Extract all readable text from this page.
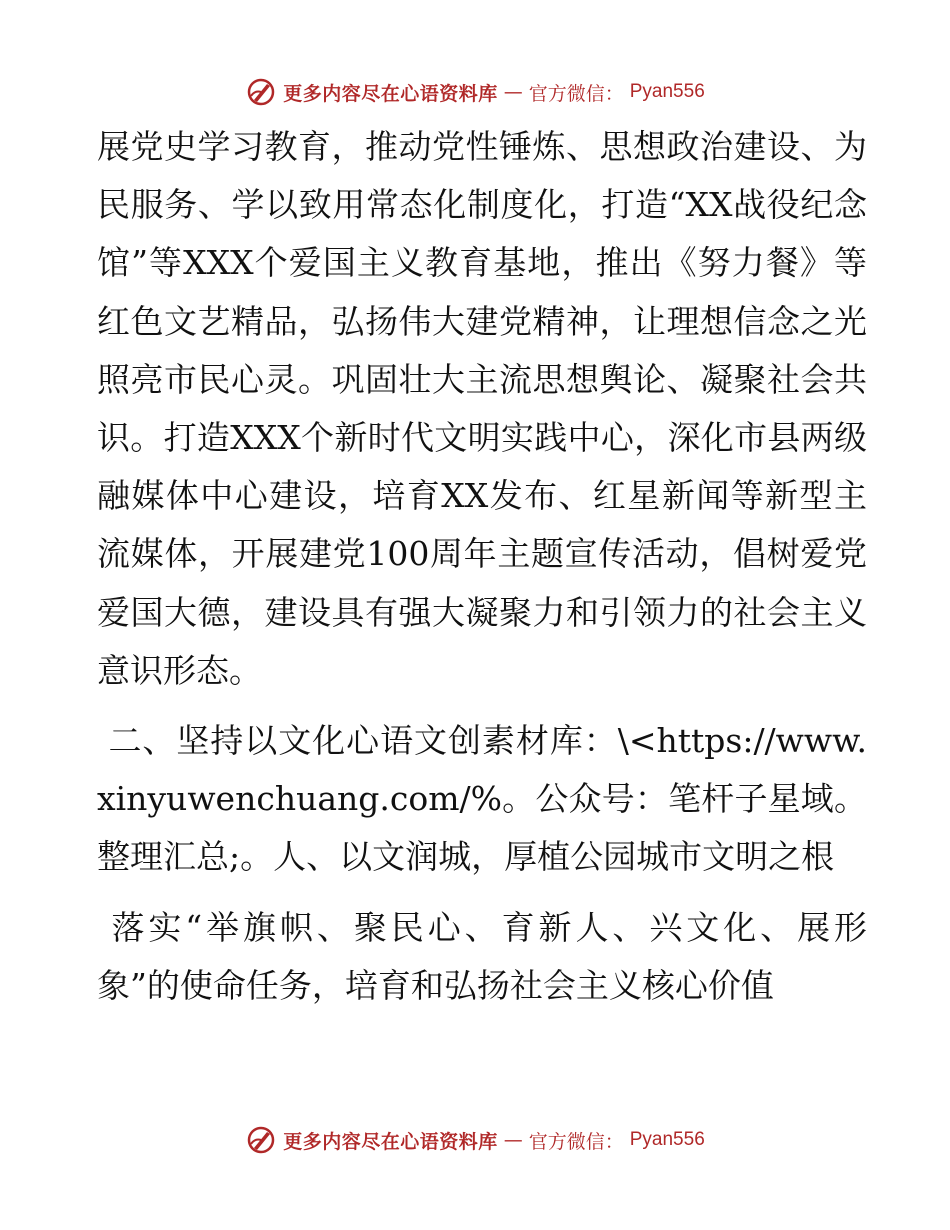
更多内容尽在心语资料库 — 官方微信： Pyan556

展党史学习教育，推动党性锤炼、思想政治建设、为民服务、学以致用常态化制度化，打造“XX战役纪念馆”等XXX个爱国主义教育基地，推出《努力餐》等红色文艺精品，弘扬伟大建党精神，让理想信念之光照亮市民心灵。巩固壮大主流思想舆论、凝聚社会共识。打造XXX个新时代文明实践中心，深化市县两级融媒体中心建设，培育XX发布、红星新闻等新型主流媒体，开展建党100周年主题宣传活动，倡树爱党爱国大德，建设具有强大凝聚力和引领力的社会主义意识形态。

二、坚持以文化心语文创素材库：\<https://www.xinyuwenchuang.com/%。公众号：笔杆子星域。整理汇总;。人、以文润城，厚植公园城市文明之根

落实“举旗帜、聚民心、育新人、兴文化、展形象”的使命任务，培育和弘扬社会主义核心价值

更多内容尽在心语资料库 — 官方微信： Pyan556
